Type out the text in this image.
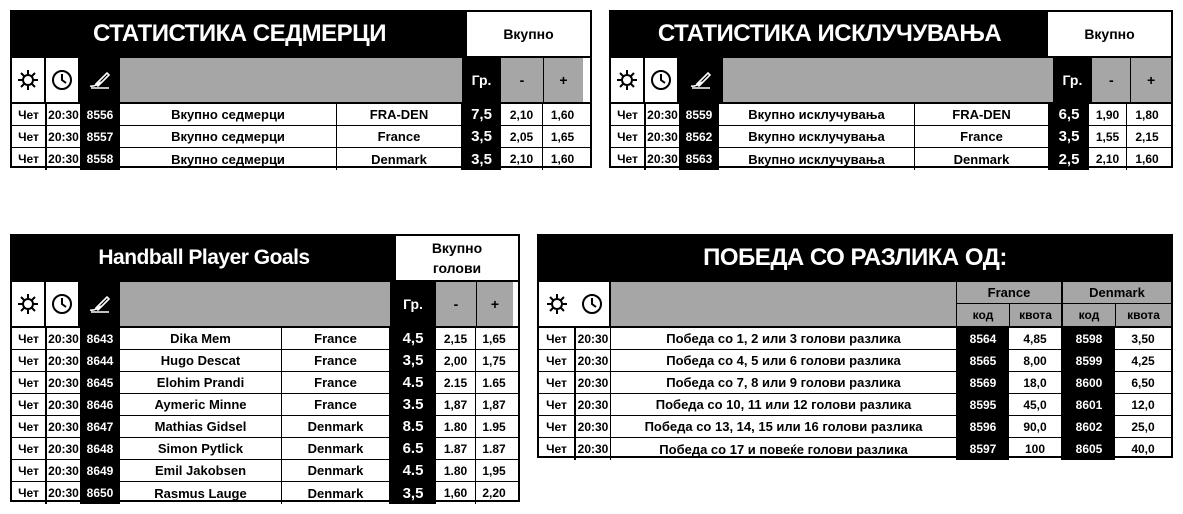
СТАТИСТИКА СЕДМЕРЦИ	Вкупно
Гр.	-	+
Чет 20:30 8556	Вкупно седмерци	FRA-DEN	7,5	2,10	1,60
Чет 20:30 8557	Вкупно седмерци	France	3,5	2,05	1,65
Чет 20:30 8558	Вкупно седмерци	Denmark	3,5	2,10	1,60
СТАТИСТИКА ИСКЛУЧУВАЊА	Вкупно
Гр.	-	+
Чет 20:30 8559	Вкупно исклучувања	FRA-DEN	6,5	1,90	1,80
Чет 20:30 8562	Вкупно исклучувања	France	3,5	1,55	2,15
Чет 20:30 8563	Вкупно исклучувања	Denmark	2,5	2,10	1,60
Handball Player Goals	Вкупно
голови
Гр.	-	+
Чет 20:30 8643	Dika Mem	France	4,5	2,15	1,65
Чет 20:30 8644	Hugo Descat	France	3,5	2,00	1,75
Чет 20:30 8645	Elohim Prandi	France	4.5	2.15	1.65
Чет 20:30 8646	Aymeric Minne	France	3.5	1,87	1,87
Чет 20:30 8647	Mathias Gidsel	Denmark	8.5	1.80	1.95
Чет 20:30 8648	Simon Pytlick	Denmark	6.5	1.87	1.87
Чет 20:30 8649	Emil Jakobsen	Denmark	4.5	1.80	1,95
Чет 20:30 8650	Rasmus Lauge	Denmark	3,5	1,60	2,20
ПОБЕДА СО РАЗЛИКА ОД:
France
код	квота
Denmark
код	квота
Чет 20:30	Победа со 1, 2 или 3 голови разлика	8564	4,85	8598	3,50
Чет 20:30	Победа со 4, 5 или 6 голови разлика	8565	8,00	8599	4,25
Чет 20:30	Победа со 7, 8 или 9 голови разлика	8569	18,0	8600	6,50
Чет 20:30	Победа со 10, 11 или 12 голови разлика	8595	45,0	8601	12,0
Чет 20:30	Победа со 13, 14, 15 или 16 голови разлика	8596	90,0	8602	25,0
Чет 20:30	Победа со 17 и повеќе голови разлика	8597	100	8605	40,0
